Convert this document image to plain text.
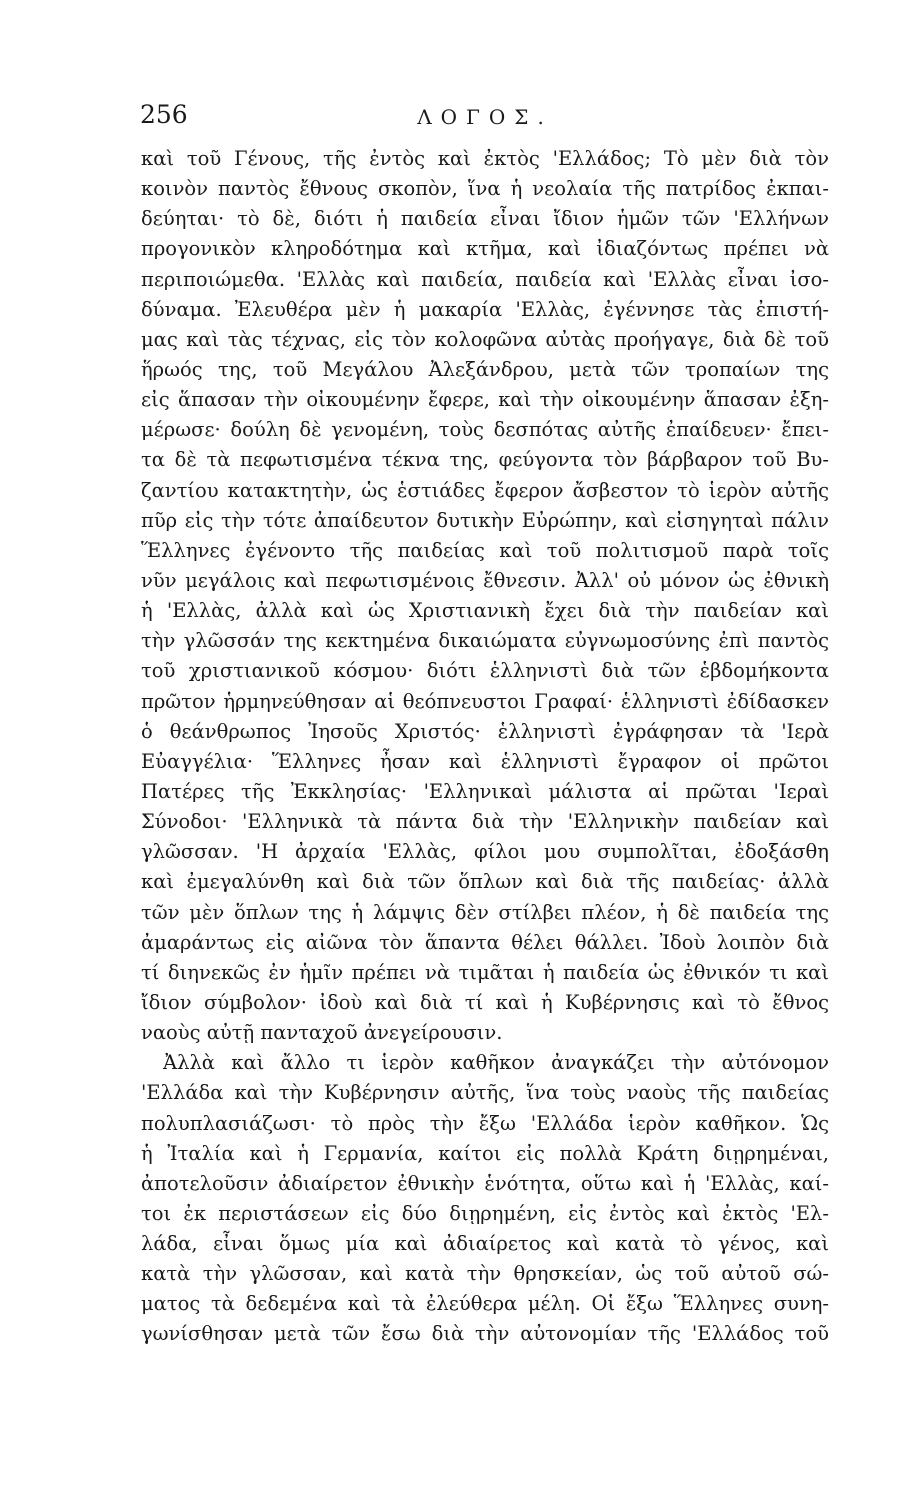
256	ΛΟΓΟΣ.
καὶ τοῦ Γένους, τῆς ἐντὸς καὶ ἐκτὸς 'Ελλάδος; Τὸ μὲν διὰ τὸν
κοινὸν παντὸς ἔθνους σκοπὸν, ἵνα ἡ νεολαία τῆς πατρίδος ἐκπαι-
δεύηται· τὸ δὲ, διότι ἡ παιδεία εἶναι ἴδιον ἡμῶν τῶν 'Ελλήνων
προγονικὸν κληροδότημα καὶ κτῆμα, καὶ ἰδιαζόντως πρέπει νὰ
περιποιώμεθα. 'Ελλὰς καὶ παιδεία, παιδεία καὶ 'Ελλὰς εἶναι ἰσο-
δύναμα. Ἐλευθέρα μὲν ἡ μακαρία 'Ελλὰς, ἐγέννησε τὰς ἐπιστή-
μας καὶ τὰς τέχνας, εἰς τὸν κολοφῶνα αὐτὰς προήγαγε, διὰ δὲ τοῦ
ἥρωός της, τοῦ Μεγάλου Ἀλεξάνδρου, μετὰ τῶν τροπαίων της
εἰς ἅπασαν τὴν οἰκουμένην ἔφερε, καὶ τὴν οἰκουμένην ἅπασαν ἐξη-
μέρωσε· δούλη δὲ γενομένη, τοὺς δεσπότας αὐτῆς ἐπαίδευεν· ἔπει-
τα δὲ τὰ πεφωτισμένα τέκνα της, φεύγοντα τὸν βάρβαρον τοῦ Βυ-
ζαντίου κατακτητὴν, ὡς ἑστιάδες ἔφερον ἄσβεστον τὸ ἱερὸν αὐτῆς
πῦρ εἰς τὴν τότε ἀπαίδευτον δυτικὴν Εὐρώπην, καὶ εἰσηγηταὶ πάλιν
Ἕλληνες ἐγένοντο τῆς παιδείας καὶ τοῦ πολιτισμοῦ παρὰ τοῖς
νῦν μεγάλοις καὶ πεφωτισμένοις ἔθνεσιν. Ἀλλ' οὐ μόνον ὡς ἐθνικὴ
ἡ 'Ελλὰς, ἀλλὰ καὶ ὡς Χριστιανικὴ ἔχει διὰ τὴν παιδείαν καὶ
τὴν γλῶσσάν της κεκτημένα δικαιώματα εὐγνωμοσύνης ἐπὶ παντὸς
τοῦ χριστιανικοῦ κόσμου· διότι ἑλληνιστὶ διὰ τῶν ἑβδομήκοντα
πρῶτον ἡρμηνεύθησαν αἱ θεόπνευστοι Γραφαί· ἑλληνιστὶ ἐδίδασκεν
ὁ θεάνθρωπος Ἰησοῦς Χριστός· ἑλληνιστὶ ἐγράφησαν τὰ 'Ιερὰ
Εὐαγγέλια· Ἕλληνες ἦσαν καὶ ἑλληνιστὶ ἔγραφον οἱ πρῶτοι
Πατέρες τῆς Ἐκκλησίας· 'Ελληνικαὶ μάλιστα αἱ πρῶται 'Ιεραὶ
Σύνοδοι· 'Ελληνικὰ τὰ πάντα διὰ τὴν 'Ελληνικὴν παιδείαν καὶ
γλῶσσαν. 'Η ἀρχαία 'Ελλὰς, φίλοι μου συμπολῖται, ἐδοξάσθη
καὶ ἐμεγαλύνθη καὶ διὰ τῶν ὅπλων καὶ διὰ τῆς παιδείας· ἀλλὰ
τῶν μὲν ὅπλων της ἡ λάμψις δὲν στίλβει πλέον, ἡ δὲ παιδεία της
ἀμαράντως εἰς αἰῶνα τὸν ἅπαντα θέλει θάλλει. Ἰδοὺ λοιπὸν διὰ
τί διηνεκῶς ἐν ἡμῖν πρέπει νὰ τιμᾶται ἡ παιδεία ὡς ἐθνικόν τι καὶ
ἴδιον σύμβολον· ἰδοὺ καὶ διὰ τί καὶ ἡ Κυβέρνησις καὶ τὸ ἔθνος
ναοὺς αὐτῇ πανταχοῦ ἀνεγείρουσιν.
Ἀλλὰ καὶ ἄλλο τι ἱερὸν καθῆκον ἀναγκάζει τὴν αὐτόνομον
'Ελλάδα καὶ τὴν Κυβέρνησιν αὐτῆς, ἵνα τοὺς ναοὺς τῆς παιδείας
πολυπλασιάζωσι· τὸ πρὸς τὴν ἔξω 'Ελλάδα ἱερὸν καθῆκον. Ὡς
ἡ Ἰταλία καὶ ἡ Γερμανία, καίτοι εἰς πολλὰ Κράτη διῃρημέναι,
ἀποτελοῦσιν ἀδιαίρετον ἐθνικὴν ἑνότητα, οὕτω καὶ ἡ 'Ελλὰς, καί-
τοι ἐκ περιστάσεων εἰς δύο διῃρημένη, εἰς ἐντὸς καὶ ἐκτὸς 'Ελ-
λάδα, εἶναι ὅμως μία καὶ ἀδιαίρετος καὶ κατὰ τὸ γένος, καὶ
κατὰ τὴν γλῶσσαν, καὶ κατὰ τὴν θρησκείαν, ὡς τοῦ αὐτοῦ σώ-
ματος τὰ δεδεμένα καὶ τὰ ἐλεύθερα μέλη. Οἱ ἔξω Ἕλληνες συνη-
γωνίσθησαν μετὰ τῶν ἔσω διὰ τὴν αὐτονομίαν τῆς 'Ελλάδος τοῦ
